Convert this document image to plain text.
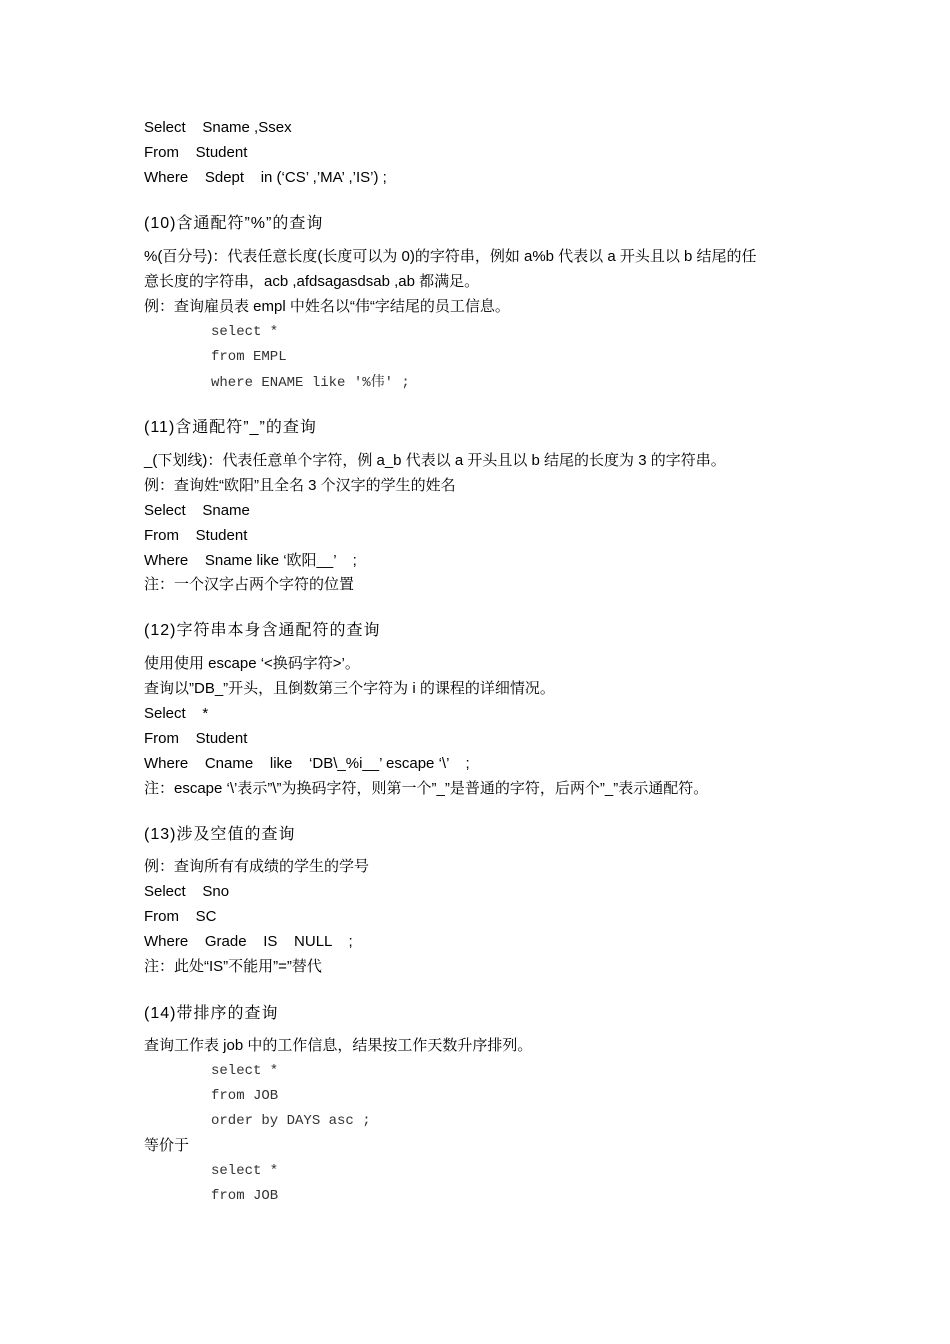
Select    Sname ,Ssex
From    Student
Where    Sdept    in (‘CS’ ,’MA’ ,’IS’) ;
(10)含通配符”%”的查询
%(百分号)：代表任意长度(长度可以为 0)的字符串，例如 a%b 代表以 a 开头且以 b 结尾的任
意长度的字符串，acb ,afdsagasdsab ,ab 都满足。
例：查询雇员表 empl 中姓名以“伟“字结尾的员工信息。
select *
from EMPL
where ENAME like '%伟' ;
(11)含通配符”_”的查询
_(下划线)：代表任意单个字符，例 a_b 代表以 a 开头且以 b 结尾的长度为 3 的字符串。
例：查询姓“欧阳”且全名 3 个汉字的学生的姓名
Select    Sname
From    Student
Where    Sname like ‘欧阳__’    ;
注：一个汉字占两个字符的位置
(12)字符串本身含通配符的查询
使用使用 escape ‘<换码字符>’。
查询以”DB_”开头，且倒数第三个字符为 i 的课程的详细情况。
Select    *
From    Student
Where    Cname    like    ‘DB\_%i__’ escape ‘\’    ;
注：escape ‘\’表示”\”为换码字符，则第一个”_”是普通的字符，后两个”_”表示通配符。
(13)涉及空值的查询
例：查询所有有成绩的学生的学号
Select    Sno
From    SC
Where    Grade    IS    NULL    ;
注：此处“IS”不能用”=”替代
(14)带排序的查询
查询工作表 job 中的工作信息，结果按工作天数升序排列。
select *
from JOB
order by DAYS asc ;
等价于
select *
from JOB
